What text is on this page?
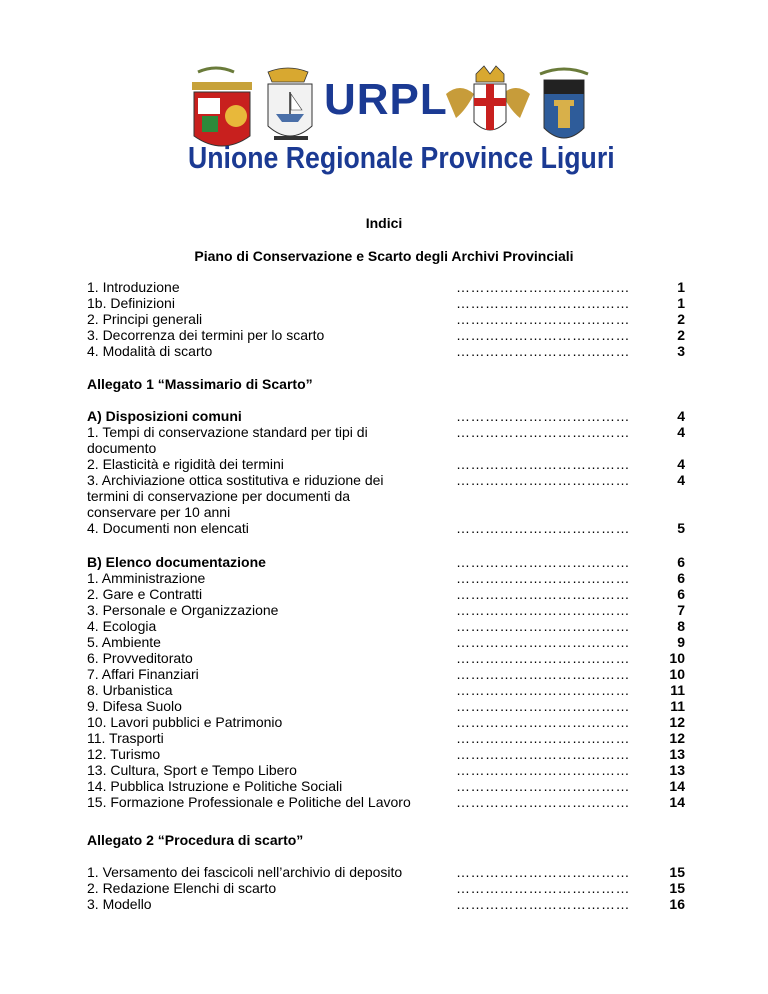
URPL
Unione Regionale Province Liguri
Indici
Piano di Conservazione e Scarto degli Archivi Provinciali
1. Introduzione	………………………………	1
1b. Definizioni	………………………………	1
2. Principi generali	………………………………	2
3. Decorrenza dei termini per lo scarto	………………………………	2
4. Modalità di scarto	………………………………	3
Allegato 1 “Massimario di Scarto”
A) Disposizioni comuni	………………………………	4
1. Tempi di conservazione standard per tipi di	………………………………	4
documento
2. Elasticità e rigidità dei termini	………………………………	4
3. Archiviazione ottica sostitutiva e riduzione dei	………………………………	4
termini di conservazione per documenti da
conservare per 10 anni
4. Documenti non elencati	………………………………	5
B) Elenco documentazione	………………………………	6
1. Amministrazione	………………………………	6
2. Gare e Contratti	………………………………	6
3. Personale e Organizzazione	………………………………	7
4. Ecologia	………………………………	8
5. Ambiente	………………………………	9
6. Provveditorato	………………………………	10
7. Affari Finanziari	………………………………	10
8. Urbanistica	………………………………	11
9. Difesa Suolo	………………………………	11
10. Lavori pubblici e Patrimonio	………………………………	12
11. Trasporti	………………………………	12
12. Turismo	………………………………	13
13. Cultura, Sport e Tempo Libero	………………………………	13
14. Pubblica Istruzione e Politiche Sociali	………………………………	14
15. Formazione Professionale e Politiche del Lavoro	………………………………	14
Allegato 2 “Procedura di scarto”
1. Versamento dei fascicoli nell’archivio di deposito	………………………………	15
2. Redazione Elenchi di scarto	………………………………	15
3. Modello	………………………………	16
